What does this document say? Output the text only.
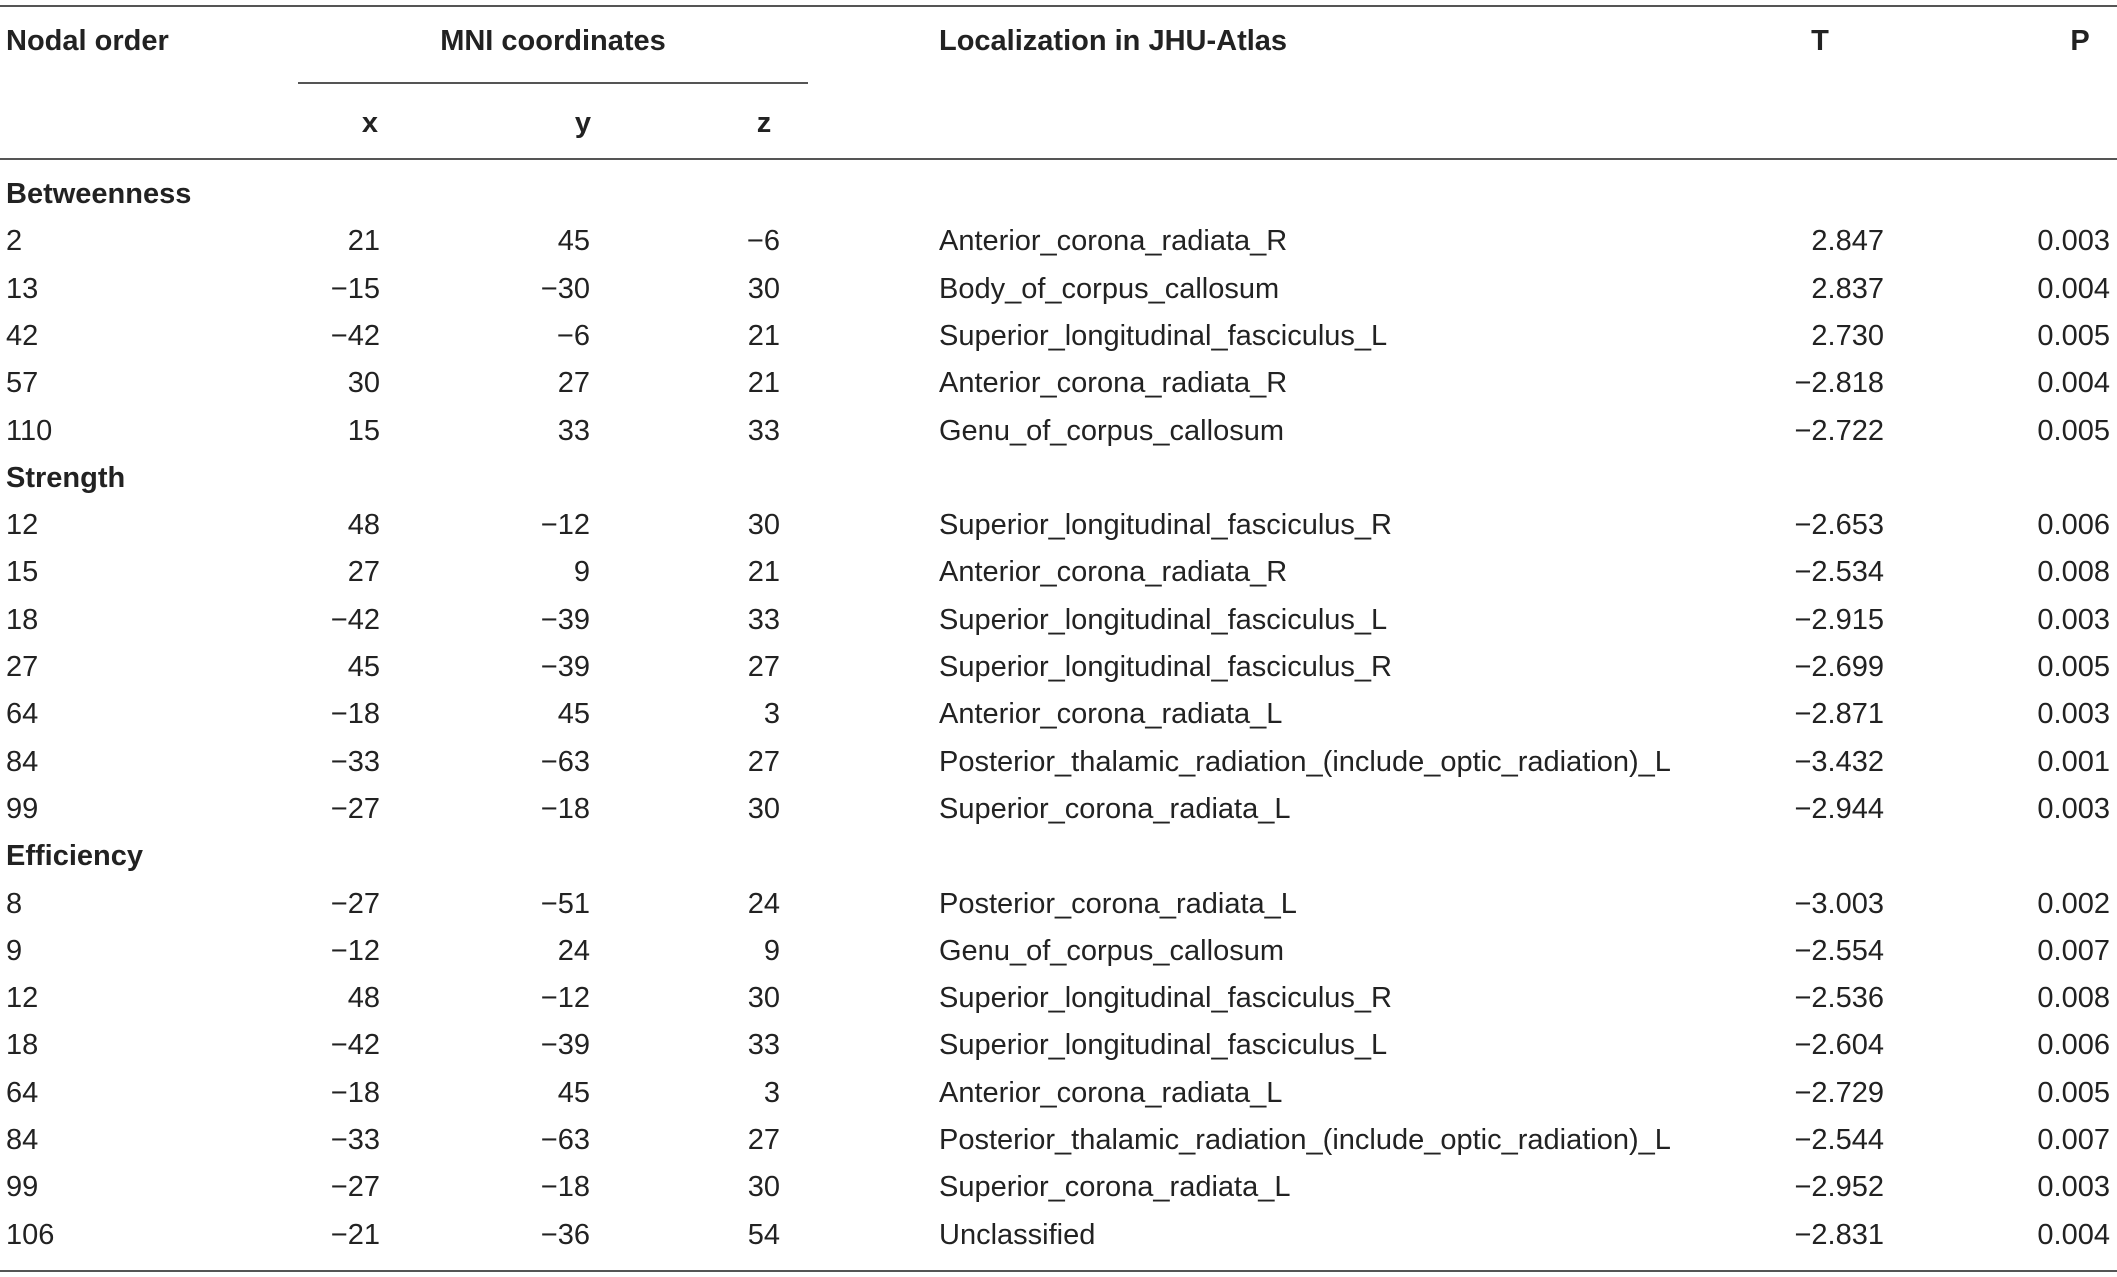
Nodal order	MNI coordinates	Localization in JHU-Atlas	T	P
x	y	z
Betweenness
2	21	45	−6	Anterior_corona_radiata_R	2.847	0.003
13	−15	−30	30	Body_of_corpus_callosum	2.837	0.004
42	−42	−6	21	Superior_longitudinal_fasciculus_L	2.730	0.005
57	30	27	21	Anterior_corona_radiata_R	−2.818	0.004
110	15	33	33	Genu_of_corpus_callosum	−2.722	0.005
Strength
12	48	−12	30	Superior_longitudinal_fasciculus_R	−2.653	0.006
15	27	9	21	Anterior_corona_radiata_R	−2.534	0.008
18	−42	−39	33	Superior_longitudinal_fasciculus_L	−2.915	0.003
27	45	−39	27	Superior_longitudinal_fasciculus_R	−2.699	0.005
64	−18	45	3	Anterior_corona_radiata_L	−2.871	0.003
84	−33	−63	27	Posterior_thalamic_radiation_(include_optic_radiation)_L	−3.432	0.001
99	−27	−18	30	Superior_corona_radiata_L	−2.944	0.003
Efficiency
8	−27	−51	24	Posterior_corona_radiata_L	−3.003	0.002
9	−12	24	9	Genu_of_corpus_callosum	−2.554	0.007
12	48	−12	30	Superior_longitudinal_fasciculus_R	−2.536	0.008
18	−42	−39	33	Superior_longitudinal_fasciculus_L	−2.604	0.006
64	−18	45	3	Anterior_corona_radiata_L	−2.729	0.005
84	−33	−63	27	Posterior_thalamic_radiation_(include_optic_radiation)_L	−2.544	0.007
99	−27	−18	30	Superior_corona_radiata_L	−2.952	0.003
106	−21	−36	54	Unclassified	−2.831	0.004
